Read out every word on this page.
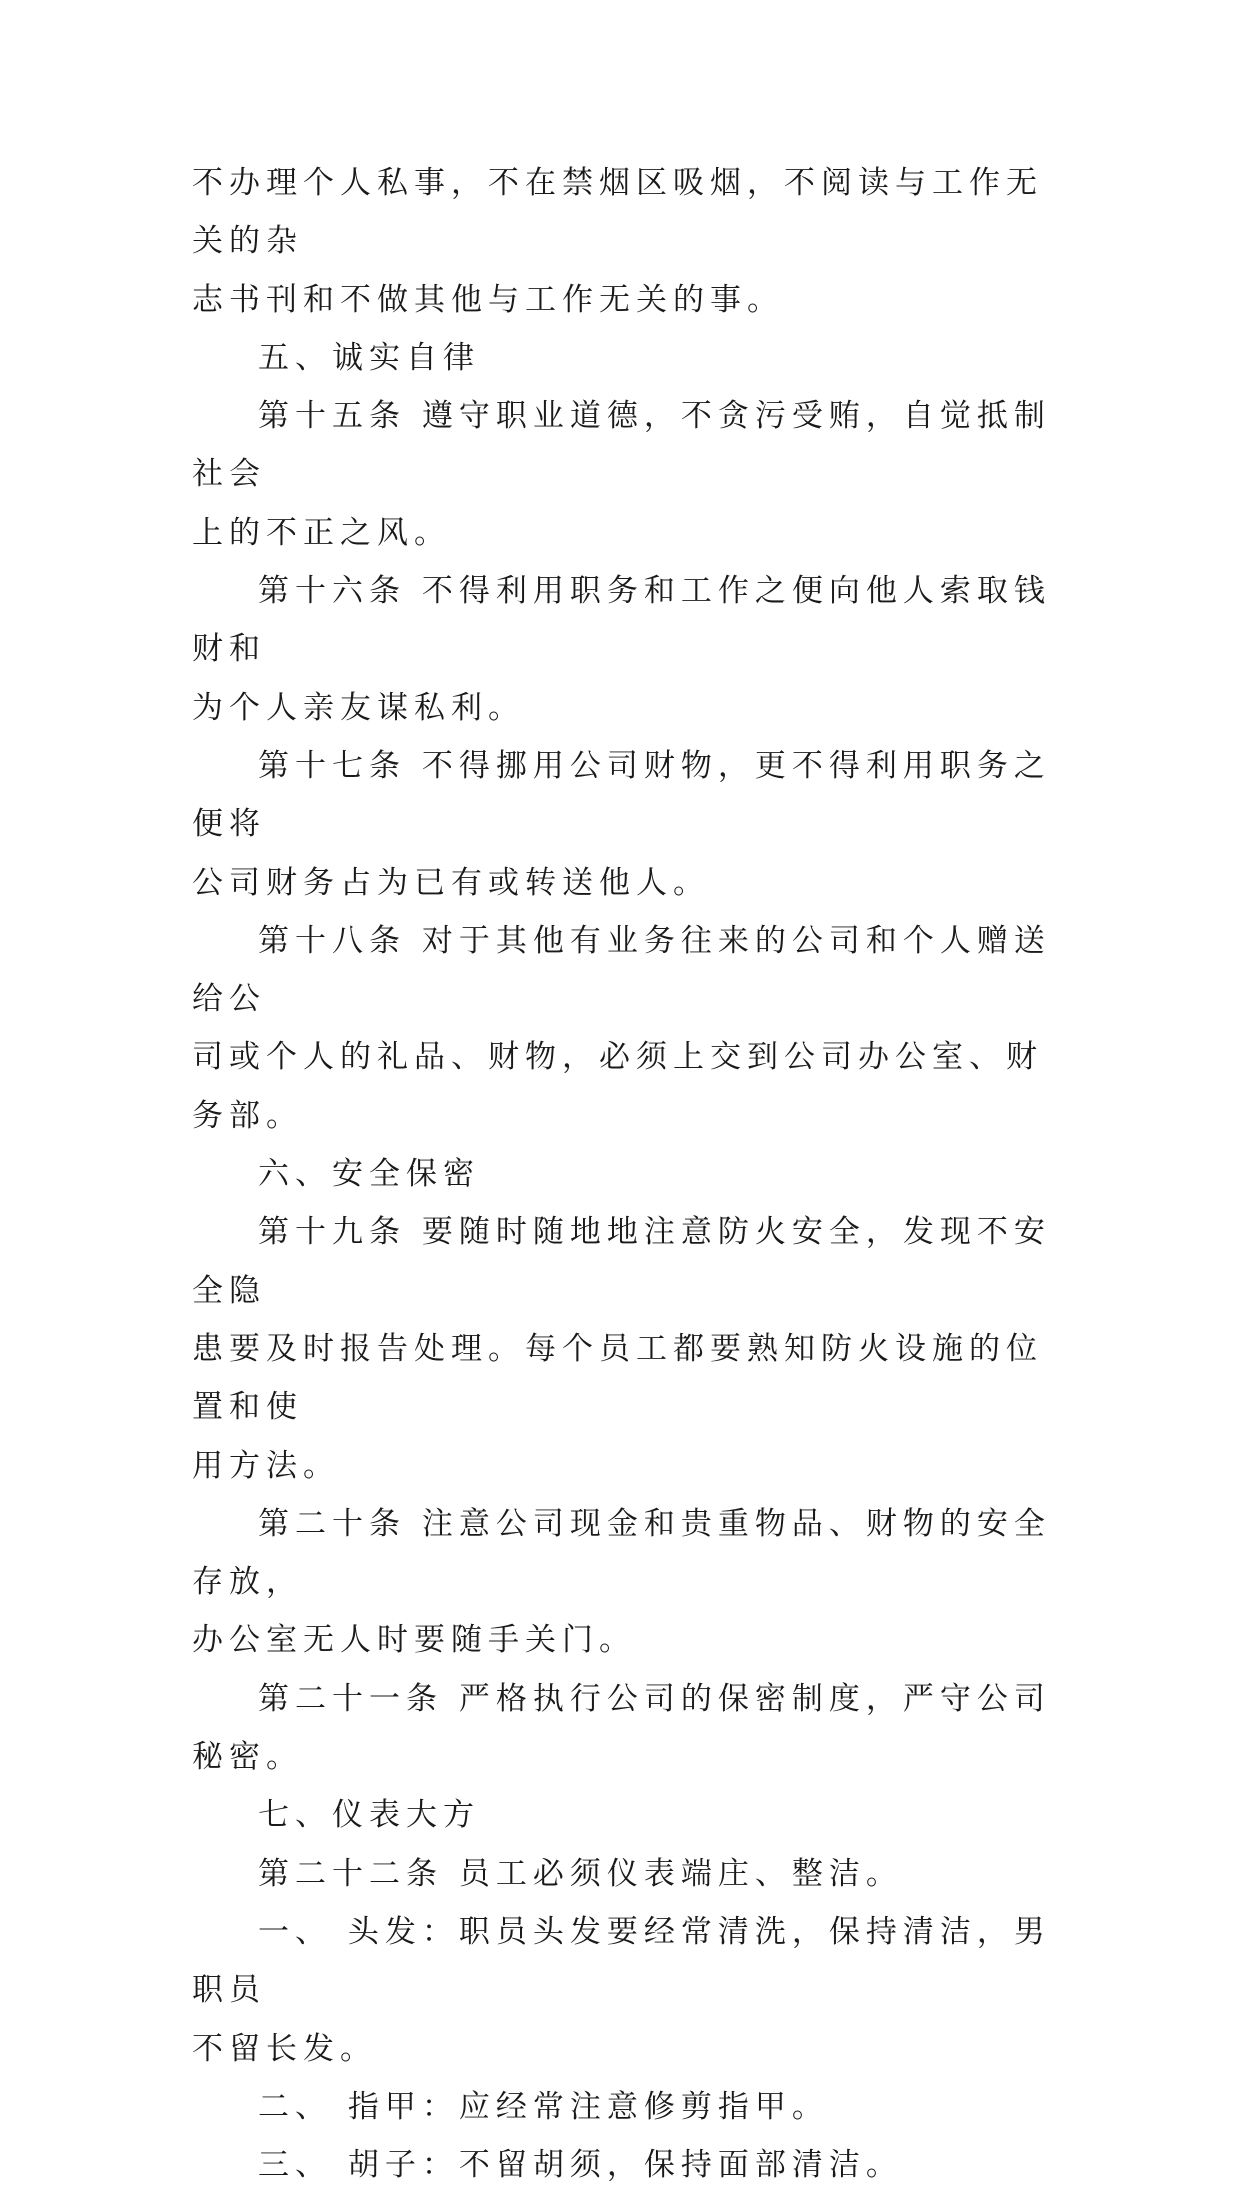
不办理个人私事，不在禁烟区吸烟，不阅读与工作无关的杂
志书刊和不做其他与工作无关的事。

五、诚实自律

第十五条 遵守职业道德，不贪污受贿，自觉抵制社会
上的不正之风。

第十六条 不得利用职务和工作之便向他人索取钱财和
为个人亲友谋私利。

第十七条 不得挪用公司财物，更不得利用职务之便将
公司财务占为已有或转送他人。

第十八条 对于其他有业务往来的公司和个人赠送给公
司或个人的礼品、财物，必须上交到公司办公室、财务部。

六、安全保密

第十九条 要随时随地地注意防火安全，发现不安全隐
患要及时报告处理。每个员工都要熟知防火设施的位置和使
用方法。

第二十条 注意公司现金和贵重物品、财物的安全存放，
办公室无人时要随手关门。

第二十一条 严格执行公司的保密制度，严守公司秘密。

七、仪表大方

第二十二条 员工必须仪表端庄、整洁。

一、 头发：职员头发要经常清洗，保持清洁，男职员
不留长发。

二、 指甲：应经常注意修剪指甲。

三、 胡子：不留胡须，保持面部清洁。
